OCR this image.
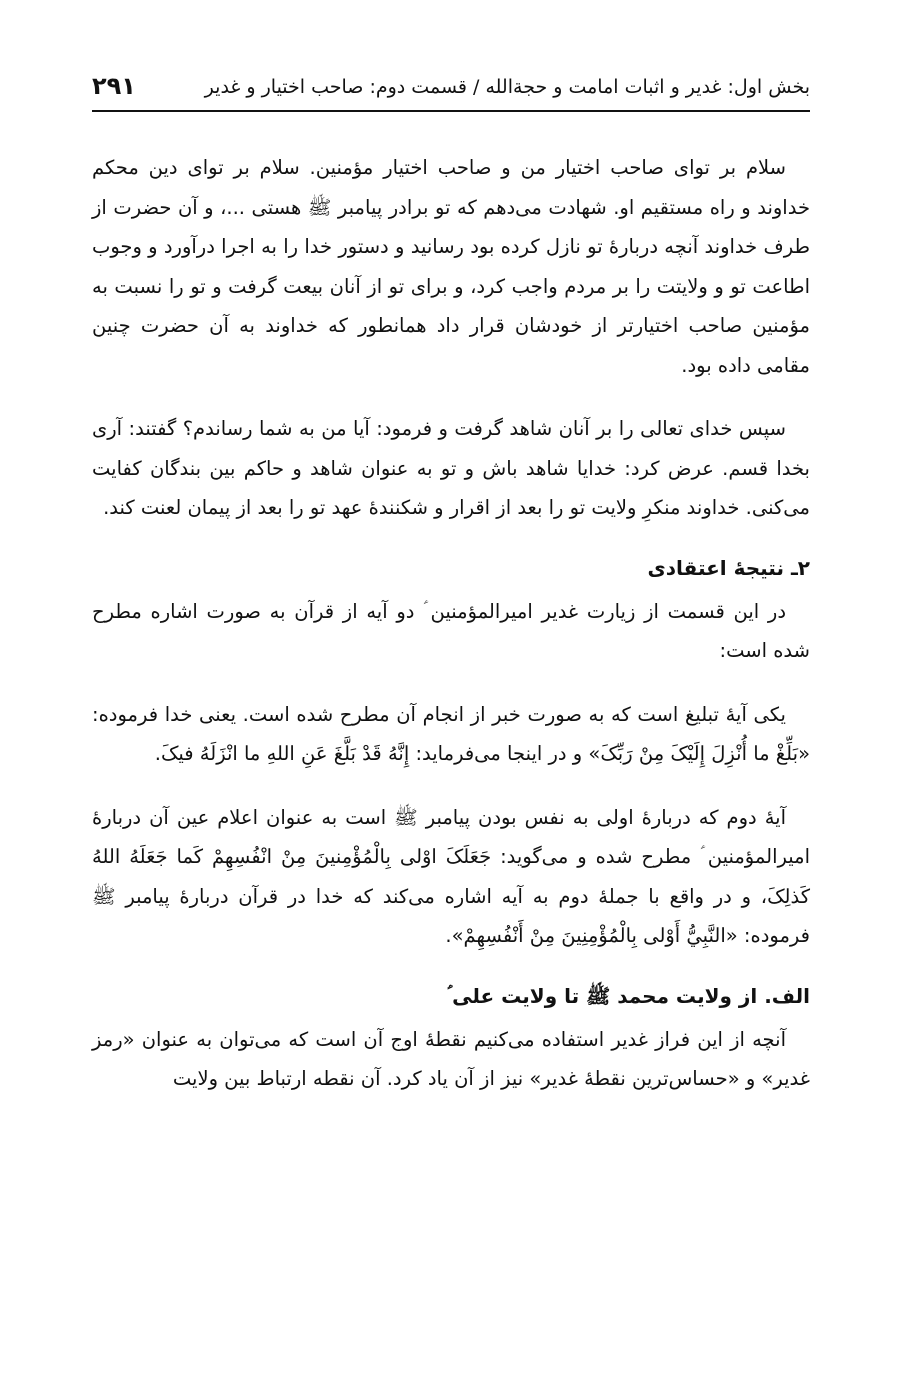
بخش اول: غدیر و اثبات امامت و حجة‌الله / قسمت دوم: صاحب اختیار و غدیر
۲۹۱

سلام بر توای صاحب اختیار من و صاحب اختیار مؤمنین. سلام بر توای دین محکم خداوند و راه مستقیم او. شهادت می‌دهم که تو برادر پیامبر ﷺ هستی ...، و آن حضرت از طرف خداوند آنچه دربارۀ تو نازل کرده بود رسانید و دستور خدا را به اجرا درآورد و وجوب اطاعت تو و ولایتت را بر مردم واجب کرد، و برای تو از آنان بیعت گرفت و تو را نسبت به مؤمنین صاحب اختیارتر از خودشان قرار داد همانطور که خداوند به آن حضرت چنین مقامی داده بود.

سپس خدای تعالی را بر آنان شاهد گرفت و فرمود: آیا من به شما رساندم؟ گفتند: آری بخدا قسم. عرض کرد: خدایا شاهد باش و تو به عنوان شاهد و حاکم بین بندگان کفایت می‌کنی. خداوند منکرِ ولایت تو را بعد از اقرار و شکنندۀ عهد تو را بعد از پیمان لعنت کند.

۲ـ نتیجۀ اعتقادی

در این قسمت از زیارت غدیر امیرالمؤمنین ؑ دو آیه از قرآن به صورت اشاره مطرح شده است:

یکی آیۀ تبلیغ است که به صورت خبر از انجام آن مطرح شده است. یعنی خدا فرموده: «بَلِّغْ ما أُنْزِلَ إِلَيْکَ مِنْ رَبِّکَ» و در اینجا می‌فرماید: إِنَّهُ قَدْ بَلَّغَ عَنِ اللهِ ما انْزَلَهُ فیکَ.

آیۀ دوم که دربارۀ اولی به نفس بودن پیامبر ﷺ است به عنوان اعلام عین آن دربارۀ امیرالمؤمنین ؑ مطرح شده و می‌گوید: جَعَلَکَ اوْلی بِالْمُؤْمِنینَ مِنْ انْفُسِهِمْ کَما جَعَلَهُ اللهُ کَذلِکَ، و در واقع با جملۀ دوم به آیه اشاره می‌کند که خدا در قرآن دربارۀ پیامبر ﷺ فرموده: «النَّبِيُّ أَوْلی بِالْمُؤْمِنِينَ مِنْ أَنْفُسِهِمْ».

الف. از ولایت محمد ﷺ تا ولایت علی ؑ

آنچه از این فراز غدیر استفاده می‌کنیم نقطۀ اوج آن است که می‌توان به عنوان «رمز غدیر» و «حساس‌ترین نقطۀ غدیر» نیز از آن یاد کرد. آن نقطه ارتباط بین ولایت
